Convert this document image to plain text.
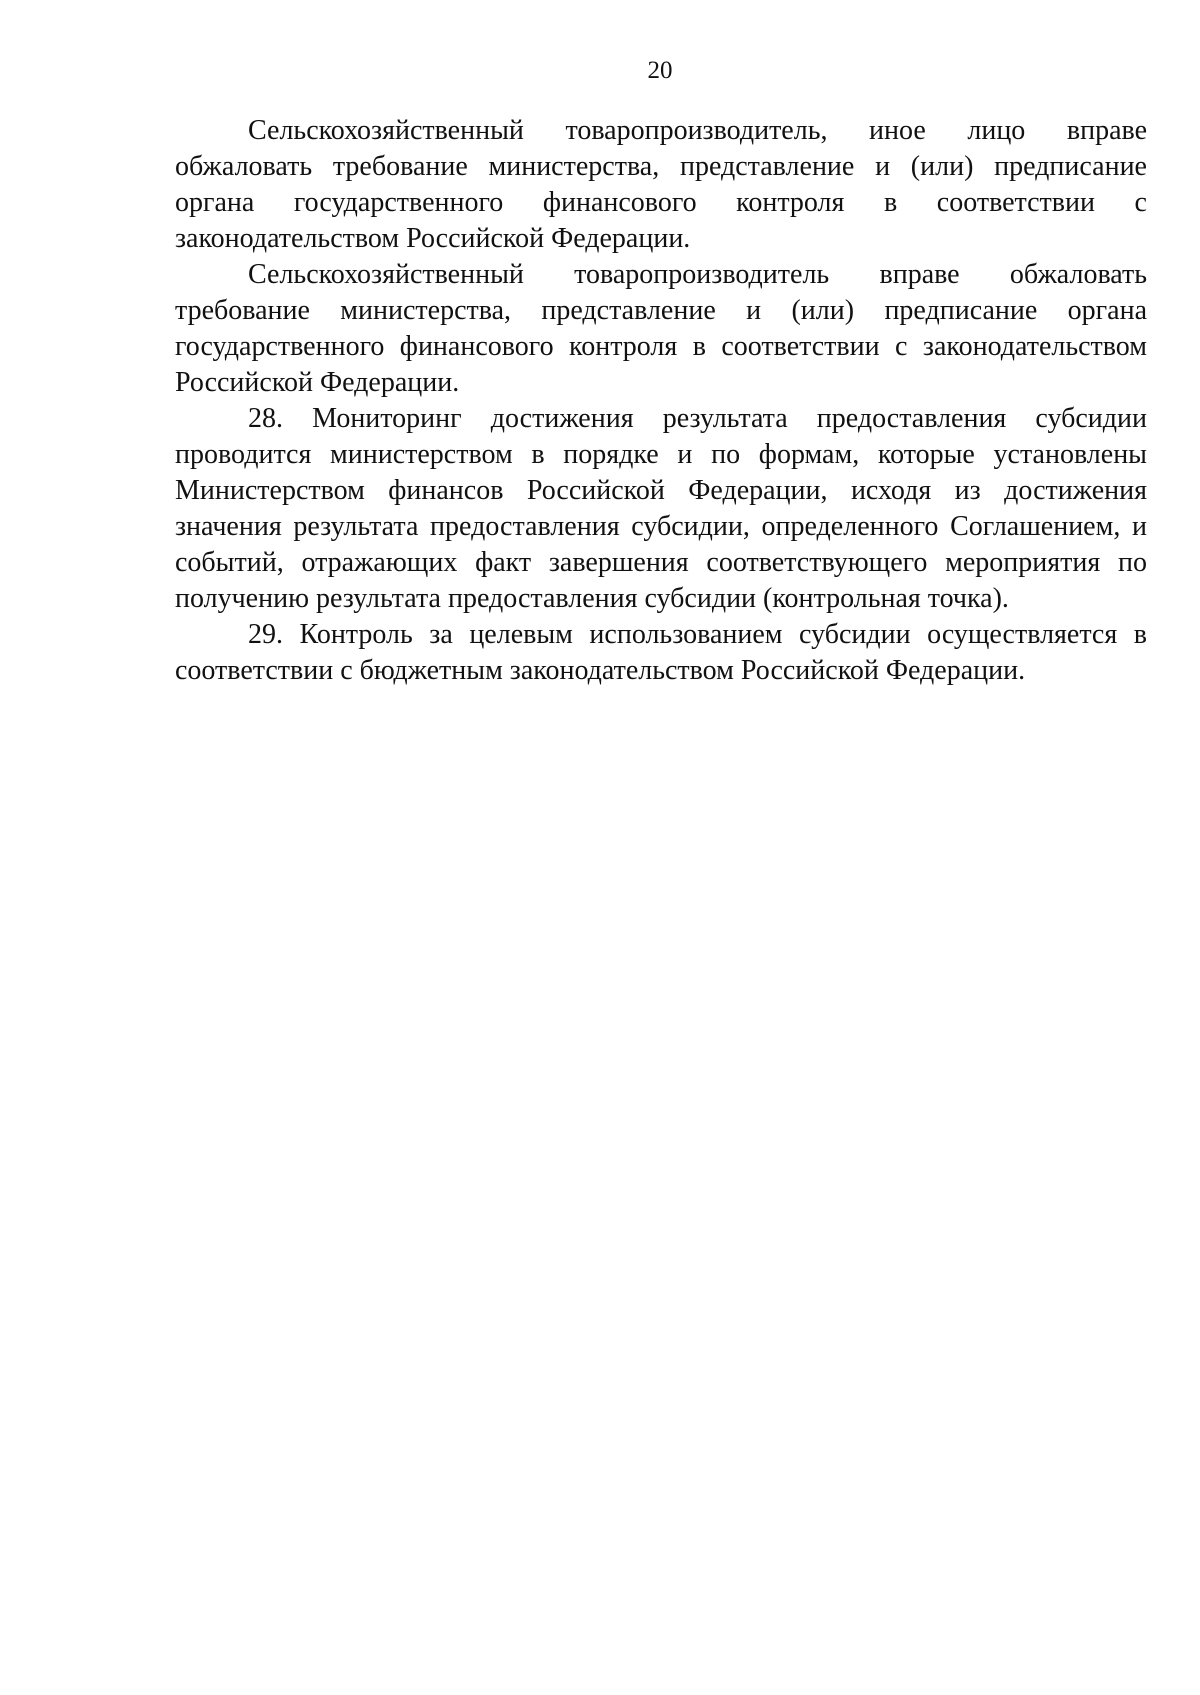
20

Сельскохозяйственный товаропроизводитель, иное лицо вправе обжаловать требование министерства, представление и (или) предписание органа государственного финансового контроля в соответствии с законодательством Российской Федерации.

Сельскохозяйственный товаропроизводитель вправе обжаловать требование министерства, представление и (или) предписание органа государственного финансового контроля в соответствии с законодательством Российской Федерации.

28. Мониторинг достижения результата предоставления субсидии проводится министерством в порядке и по формам, которые установлены Министерством финансов Российской Федерации, исходя из достижения значения результата предоставления субсидии, определенного Соглашением, и событий, отражающих факт завершения соответствующего мероприятия по получению результата предоставления субсидии (контрольная точка).

29. Контроль за целевым использованием субсидии осуществляется в соответствии с бюджетным законодательством Российской Федерации.
